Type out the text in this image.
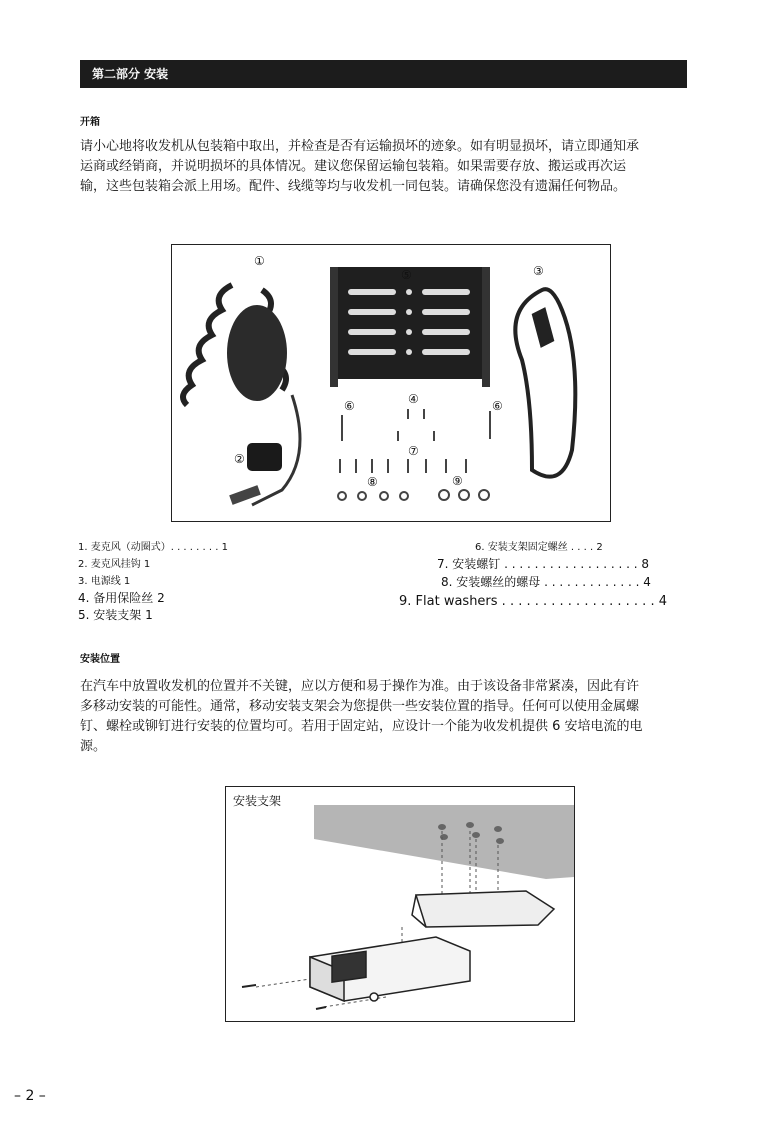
第二部分 安装
开箱
请小心地将收发机从包装箱中取出，并检查是否有运输损坏的迹象。如有明显损坏，请立即通知承
运商或经销商，并说明损坏的具体情况。建议您保留运输包装箱。如果需要存放、搬运或再次运
输，这些包装箱会派上用场。配件、线缆等均与收发机一同包装。请确保您没有遗漏任何物品。
①
②
③
④
⑤
⑥	⑥
⑦
⑧	⑨
1. 麦克风（动圈式）. . . . . . . . 1
2. 麦克风挂钩 1
3. 电源线 1
4. 备用保险丝 2
5. 安装支架 1
6. 安装支架固定螺丝 . . . . 2
7. 安装螺钉 . . . . . . . . . . . . . . . . . . 8
8. 安装螺丝的螺母 . . . . . . . . . . . . . 4
9. Flat washers . . . . . . . . . . . . . . . . . . . 4
安装位置
在汽车中放置收发机的位置并不关键，应以方便和易于操作为准。由于该设备非常紧凑，因此有许
多移动安装的可能性。通常，移动安装支架会为您提供一些安装位置的指导。任何可以使用金属螺
钉、螺栓或铆钉进行安装的位置均可。若用于固定站，应设计一个能为收发机提供 6 安培电流的电
源。
安装支架
– 2 –
